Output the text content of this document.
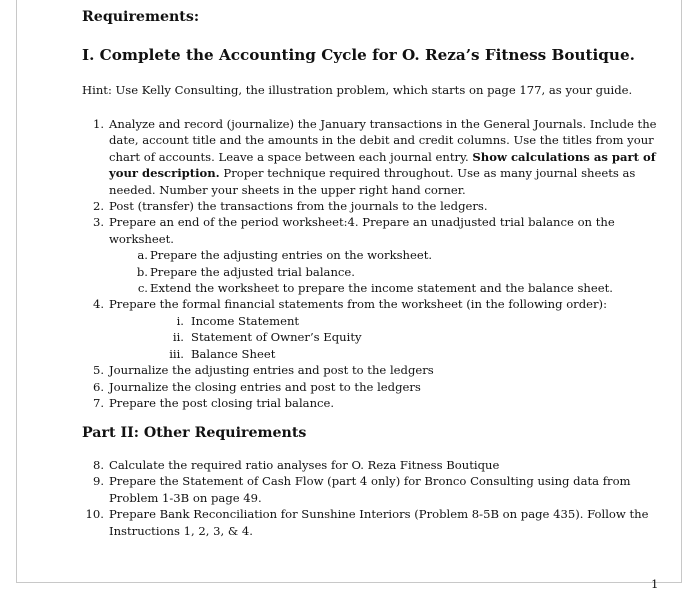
Requirements:
I. Complete the Accounting Cycle for O. Reza’s Fitness Boutique.
Hint: Use Kelly Consulting, the illustration problem, which starts on page 177, as your guide.
1. Analyze and record (journalize) the January transactions in the General Journals. Include the date, account title and the amounts in the debit and credit columns. Use the titles from your chart of accounts. Leave a space between each journal entry. Show calculations as part of your description. Proper technique required throughout. Use as many journal sheets as needed. Number your sheets in the upper right hand corner.
2. Post (transfer) the transactions from the journals to the ledgers.
3. Prepare an end of the period worksheet:4. Prepare an unadjusted trial balance on the worksheet.
a. Prepare the adjusting entries on the worksheet.
b. Prepare the adjusted trial balance.
c. Extend the worksheet to prepare the income statement and the balance sheet.
4. Prepare the formal financial statements from the worksheet (in the following order):
i. Income Statement
ii. Statement of Owner’s Equity
iii. Balance Sheet
5. Journalize the adjusting entries and post to the ledgers
6. Journalize the closing entries and post to the ledgers
7. Prepare the post closing trial balance.
Part II: Other Requirements
8. Calculate the required ratio analyses for O. Reza Fitness Boutique
9. Prepare the Statement of Cash Flow (part 4 only) for Bronco Consulting using data from Problem 1-3B on page 49.
10. Prepare Bank Reconciliation for Sunshine Interiors (Problem 8-5B on page 435). Follow the Instructions 1, 2, 3, & 4.
1
